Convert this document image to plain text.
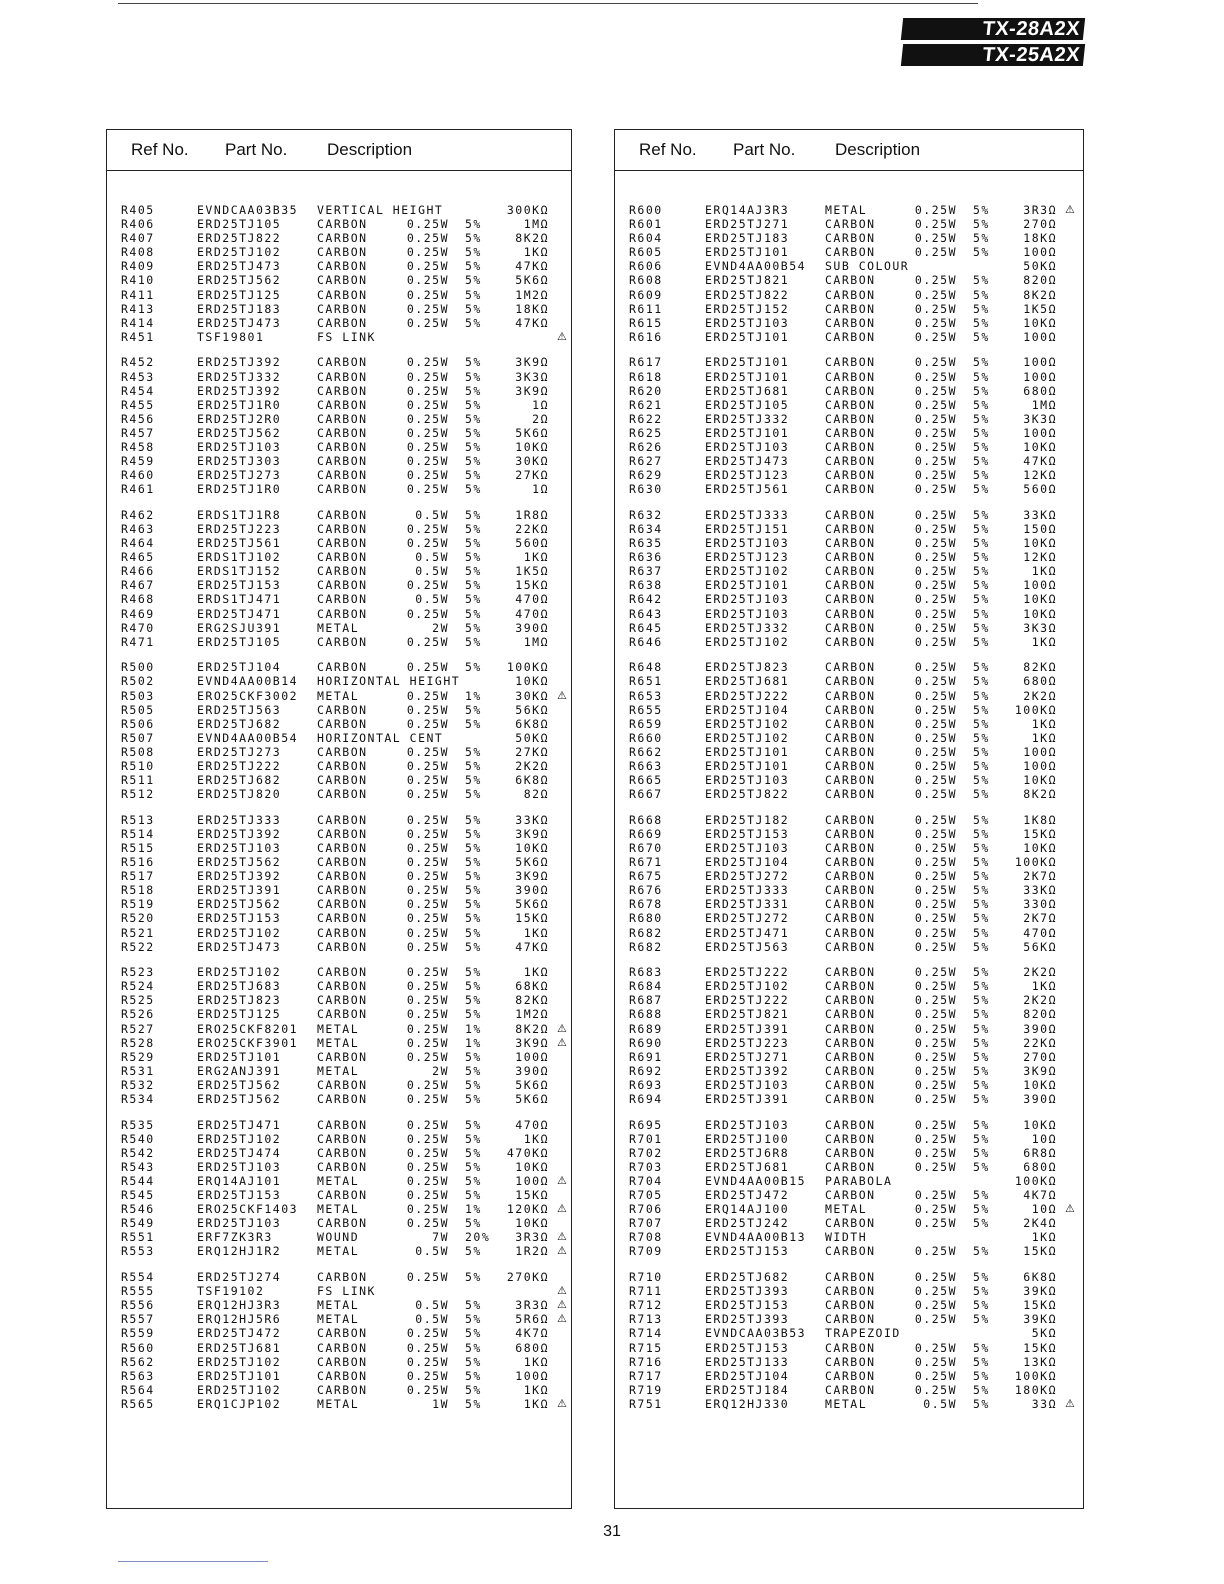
TX-28A2X
TX-25A2X
Ref No. Part No. Description
R405	EVNDCAA03B35 VERTICAL HEIGHT	300KΩ
R406	ERD25TJ105	CARBON	0.25W 5%	1MΩ
R407	ERD25TJ822	CARBON	0.25W 5%	8K2Ω
R408	ERD25TJ102	CARBON	0.25W 5%	1KΩ
R409	ERD25TJ473	CARBON	0.25W 5%	47KΩ
R410	ERD25TJ562	CARBON	0.25W 5%	5K6Ω
R411	ERD25TJ125	CARBON	0.25W 5%	1M2Ω
R413	ERD25TJ183	CARBON	0.25W 5%	18KΩ
R414	ERD25TJ473	CARBON	0.25W 5%	47KΩ
R451	TSF19801	FS LINK	⚠
R452	ERD25TJ392	CARBON	0.25W 5%	3K9Ω
R453	ERD25TJ332	CARBON	0.25W 5%	3K3Ω
R454	ERD25TJ392	CARBON	0.25W 5%	3K9Ω
R455	ERD25TJ1R0	CARBON	0.25W 5%	1Ω
R456	ERD25TJ2R0	CARBON	0.25W 5%	2Ω
R457	ERD25TJ562	CARBON	0.25W 5%	5K6Ω
R458	ERD25TJ103	CARBON	0.25W 5%	10KΩ
R459	ERD25TJ303	CARBON	0.25W 5%	30KΩ
R460	ERD25TJ273	CARBON	0.25W 5%	27KΩ
R461	ERD25TJ1R0	CARBON	0.25W 5%	1Ω
R462	ERDS1TJ1R8	CARBON	0.5W 5%	1R8Ω
R463	ERD25TJ223	CARBON	0.25W 5%	22KΩ
R464	ERD25TJ561	CARBON	0.25W 5%	560Ω
R465	ERDS1TJ102	CARBON	0.5W 5%	1KΩ
R466	ERDS1TJ152	CARBON	0.5W 5%	1K5Ω
R467	ERD25TJ153	CARBON	0.25W 5%	15KΩ
R468	ERDS1TJ471	CARBON	0.5W 5%	470Ω
R469	ERD25TJ471	CARBON	0.25W 5%	470Ω
R470	ERG2SJU391	METAL	2W 5%	390Ω
R471	ERD25TJ105	CARBON	0.25W 5%	1MΩ
R500	ERD25TJ104	CARBON	0.25W 5%	100KΩ
R502	EVND4AA00B14 HORIZONTAL HEIGHT	10KΩ
R503	ERO25CKF3002 METAL	0.25W 1%	30KΩ ⚠
R505	ERD25TJ563	CARBON	0.25W 5%	56KΩ
R506	ERD25TJ682	CARBON	0.25W 5%	6K8Ω
R507	EVND4AA00B54 HORIZONTAL CENT	50KΩ
R508	ERD25TJ273	CARBON	0.25W 5%	27KΩ
R510	ERD25TJ222	CARBON	0.25W 5%	2K2Ω
R511	ERD25TJ682	CARBON	0.25W 5%	6K8Ω
R512	ERD25TJ820	CARBON	0.25W 5%	82Ω
R513	ERD25TJ333	CARBON	0.25W 5%	33KΩ
R514	ERD25TJ392	CARBON	0.25W 5%	3K9Ω
R515	ERD25TJ103	CARBON	0.25W 5%	10KΩ
R516	ERD25TJ562	CARBON	0.25W 5%	5K6Ω
R517	ERD25TJ392	CARBON	0.25W 5%	3K9Ω
R518	ERD25TJ391	CARBON	0.25W 5%	390Ω
R519	ERD25TJ562	CARBON	0.25W 5%	5K6Ω
R520	ERD25TJ153	CARBON	0.25W 5%	15KΩ
R521	ERD25TJ102	CARBON	0.25W 5%	1KΩ
R522	ERD25TJ473	CARBON	0.25W 5%	47KΩ
R523	ERD25TJ102	CARBON	0.25W 5%	1KΩ
R524	ERD25TJ683	CARBON	0.25W 5%	68KΩ
R525	ERD25TJ823	CARBON	0.25W 5%	82KΩ
R526	ERD25TJ125	CARBON	0.25W 5%	1M2Ω
R527	ERO25CKF8201 METAL	0.25W 1%	8K2Ω ⚠
R528	ERO25CKF3901 METAL	0.25W 1%	3K9Ω ⚠
R529	ERD25TJ101	CARBON	0.25W 5%	100Ω
R531	ERG2ANJ391	METAL	2W 5%	390Ω
R532	ERD25TJ562	CARBON	0.25W 5%	5K6Ω
R534	ERD25TJ562	CARBON	0.25W 5%	5K6Ω
R535	ERD25TJ471	CARBON	0.25W 5%	470Ω
R540	ERD25TJ102	CARBON	0.25W 5%	1KΩ
R542	ERD25TJ474	CARBON	0.25W 5%	470KΩ
R543	ERD25TJ103	CARBON	0.25W 5%	10KΩ
R544	ERQ14AJ101	METAL	0.25W 5%	100Ω ⚠
R545	ERD25TJ153	CARBON	0.25W 5%	15KΩ
R546	ERO25CKF1403 METAL	0.25W 1%	120KΩ ⚠
R549	ERD25TJ103	CARBON	0.25W 5%	10KΩ
R551	ERF7ZK3R3	WOUND	7W 20%	3R3Ω ⚠
R553	ERQ12HJ1R2	METAL	0.5W 5%	1R2Ω ⚠
R554	ERD25TJ274	CARBON	0.25W 5%	270KΩ
R555	TSF19102	FS LINK	⚠
R556	ERQ12HJ3R3	METAL	0.5W 5%	3R3Ω ⚠
R557	ERQ12HJ5R6	METAL	0.5W 5%	5R6Ω ⚠
R559	ERD25TJ472	CARBON	0.25W 5%	4K7Ω
R560	ERD25TJ681	CARBON	0.25W 5%	680Ω
R562	ERD25TJ102	CARBON	0.25W 5%	1KΩ
R563	ERD25TJ101	CARBON	0.25W 5%	100Ω
R564	ERD25TJ102	CARBON	0.25W 5%	1KΩ
R565	ERQ1CJP102	METAL	1W 5%	1KΩ ⚠
Ref No. Part No. Description
R600	ERQ14AJ3R3	METAL	0.25W 5%	3R3Ω ⚠
R601	ERD25TJ271	CARBON	0.25W 5%	270Ω
R604	ERD25TJ183	CARBON	0.25W 5%	18KΩ
R605	ERD25TJ101	CARBON	0.25W 5%	100Ω
R606	EVND4AA00B54 SUB COLOUR	50KΩ
R608	ERD25TJ821	CARBON	0.25W 5%	820Ω
R609	ERD25TJ822	CARBON	0.25W 5%	8K2Ω
R611	ERD25TJ152	CARBON	0.25W 5%	1K5Ω
R615	ERD25TJ103	CARBON	0.25W 5%	10KΩ
R616	ERD25TJ101	CARBON	0.25W 5%	100Ω
R617	ERD25TJ101	CARBON	0.25W 5%	100Ω
R618	ERD25TJ101	CARBON	0.25W 5%	100Ω
R620	ERD25TJ681	CARBON	0.25W 5%	680Ω
R621	ERD25TJ105	CARBON	0.25W 5%	1MΩ
R622	ERD25TJ332	CARBON	0.25W 5%	3K3Ω
R625	ERD25TJ101	CARBON	0.25W 5%	100Ω
R626	ERD25TJ103	CARBON	0.25W 5%	10KΩ
R627	ERD25TJ473	CARBON	0.25W 5%	47KΩ
R629	ERD25TJ123	CARBON	0.25W 5%	12KΩ
R630	ERD25TJ561	CARBON	0.25W 5%	560Ω
R632	ERD25TJ333	CARBON	0.25W 5%	33KΩ
R634	ERD25TJ151	CARBON	0.25W 5%	150Ω
R635	ERD25TJ103	CARBON	0.25W 5%	10KΩ
R636	ERD25TJ123	CARBON	0.25W 5%	12KΩ
R637	ERD25TJ102	CARBON	0.25W 5%	1KΩ
R638	ERD25TJ101	CARBON	0.25W 5%	100Ω
R642	ERD25TJ103	CARBON	0.25W 5%	10KΩ
R643	ERD25TJ103	CARBON	0.25W 5%	10KΩ
R645	ERD25TJ332	CARBON	0.25W 5%	3K3Ω
R646	ERD25TJ102	CARBON	0.25W 5%	1KΩ
R648	ERD25TJ823	CARBON	0.25W 5%	82KΩ
R651	ERD25TJ681	CARBON	0.25W 5%	680Ω
R653	ERD25TJ222	CARBON	0.25W 5%	2K2Ω
R655	ERD25TJ104	CARBON	0.25W 5%	100KΩ
R659	ERD25TJ102	CARBON	0.25W 5%	1KΩ
R660	ERD25TJ102	CARBON	0.25W 5%	1KΩ
R662	ERD25TJ101	CARBON	0.25W 5%	100Ω
R663	ERD25TJ101	CARBON	0.25W 5%	100Ω
R665	ERD25TJ103	CARBON	0.25W 5%	10KΩ
R667	ERD25TJ822	CARBON	0.25W 5%	8K2Ω
R668	ERD25TJ182	CARBON	0.25W 5%	1K8Ω
R669	ERD25TJ153	CARBON	0.25W 5%	15KΩ
R670	ERD25TJ103	CARBON	0.25W 5%	10KΩ
R671	ERD25TJ104	CARBON	0.25W 5%	100KΩ
R675	ERD25TJ272	CARBON	0.25W 5%	2K7Ω
R676	ERD25TJ333	CARBON	0.25W 5%	33KΩ
R678	ERD25TJ331	CARBON	0.25W 5%	330Ω
R680	ERD25TJ272	CARBON	0.25W 5%	2K7Ω
R682	ERD25TJ471	CARBON	0.25W 5%	470Ω
R682	ERD25TJ563	CARBON	0.25W 5%	56KΩ
R683	ERD25TJ222	CARBON	0.25W 5%	2K2Ω
R684	ERD25TJ102	CARBON	0.25W 5%	1KΩ
R687	ERD25TJ222	CARBON	0.25W 5%	2K2Ω
R688	ERD25TJ821	CARBON	0.25W 5%	820Ω
R689	ERD25TJ391	CARBON	0.25W 5%	390Ω
R690	ERD25TJ223	CARBON	0.25W 5%	22KΩ
R691	ERD25TJ271	CARBON	0.25W 5%	270Ω
R692	ERD25TJ392	CARBON	0.25W 5%	3K9Ω
R693	ERD25TJ103	CARBON	0.25W 5%	10KΩ
R694	ERD25TJ391	CARBON	0.25W 5%	390Ω
R695	ERD25TJ103	CARBON	0.25W 5%	10KΩ
R701	ERD25TJ100	CARBON	0.25W 5%	10Ω
R702	ERD25TJ6R8	CARBON	0.25W 5%	6R8Ω
R703	ERD25TJ681	CARBON	0.25W 5%	680Ω
R704	EVND4AA00B15 PARABOLA	100KΩ
R705	ERD25TJ472	CARBON	0.25W 5%	4K7Ω
R706	ERQ14AJ100	METAL	0.25W 5%	10Ω ⚠
R707	ERD25TJ242	CARBON	0.25W 5%	2K4Ω
R708	EVND4AA00B13 WIDTH	1KΩ
R709	ERD25TJ153	CARBON	0.25W 5%	15KΩ
R710	ERD25TJ682	CARBON	0.25W 5%	6K8Ω
R711	ERD25TJ393	CARBON	0.25W 5%	39KΩ
R712	ERD25TJ153	CARBON	0.25W 5%	15KΩ
R713	ERD25TJ393	CARBON	0.25W 5%	39KΩ
R714	EVNDCAA03B53 TRAPEZOID	5KΩ
R715	ERD25TJ153	CARBON	0.25W 5%	15KΩ
R716	ERD25TJ133	CARBON	0.25W 5%	13KΩ
R717	ERD25TJ104	CARBON	0.25W 5%	100KΩ
R719	ERD25TJ184	CARBON	0.25W 5%	180KΩ
R751	ERQ12HJ330	METAL	0.5W 5%	33Ω ⚠
31
